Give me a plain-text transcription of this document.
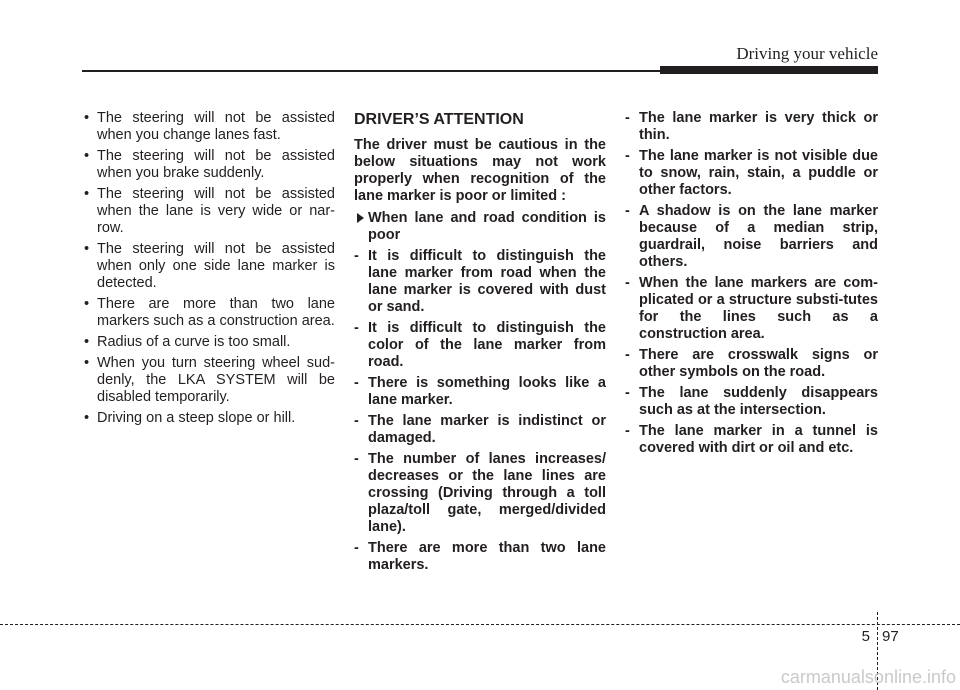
Driving your vehicle
• The steering will not be assisted when you change lanes fast.
• The steering will not be assisted when you brake suddenly.
• The steering will not be assisted when the lane is very wide or nar-row.
• The steering will not be assisted when only one side lane marker is detected.
• There are more than two lane markers such as a construction area.
• Radius of a curve is too small.
• When you turn steering wheel sud-denly, the LKA SYSTEM will be disabled temporarily.
• Driving on a steep slope or hill.
DRIVER’S ATTENTION
The driver must be cautious in the below situations may not work properly when recognition of the lane marker is poor or limited :
When lane and road condition is poor
- It is difficult to distinguish the lane marker from road when the lane marker is covered with dust or sand.
- It is difficult to distinguish the color of the lane marker from road.
- There is something looks like a lane marker.
- The lane marker is indistinct or damaged.
- The number of lanes increases/ decreases or the lane lines are crossing (Driving through a toll plaza/toll gate, merged/divided lane).
- There are more than two lane markers.
- The lane marker is very thick or thin.
- The lane marker is not visible due to snow, rain, stain, a puddle or other factors.
- A shadow is on the lane marker because of a median strip, guardrail, noise barriers and others.
- When the lane markers are com-plicated or a structure substi-tutes for the lines such as a construction area.
- There are crosswalk signs or other symbols on the road.
- The lane suddenly disappears such as at the intersection.
- The lane marker in a tunnel is covered with dirt or oil and etc.
5 97
carmanualsonline.info
